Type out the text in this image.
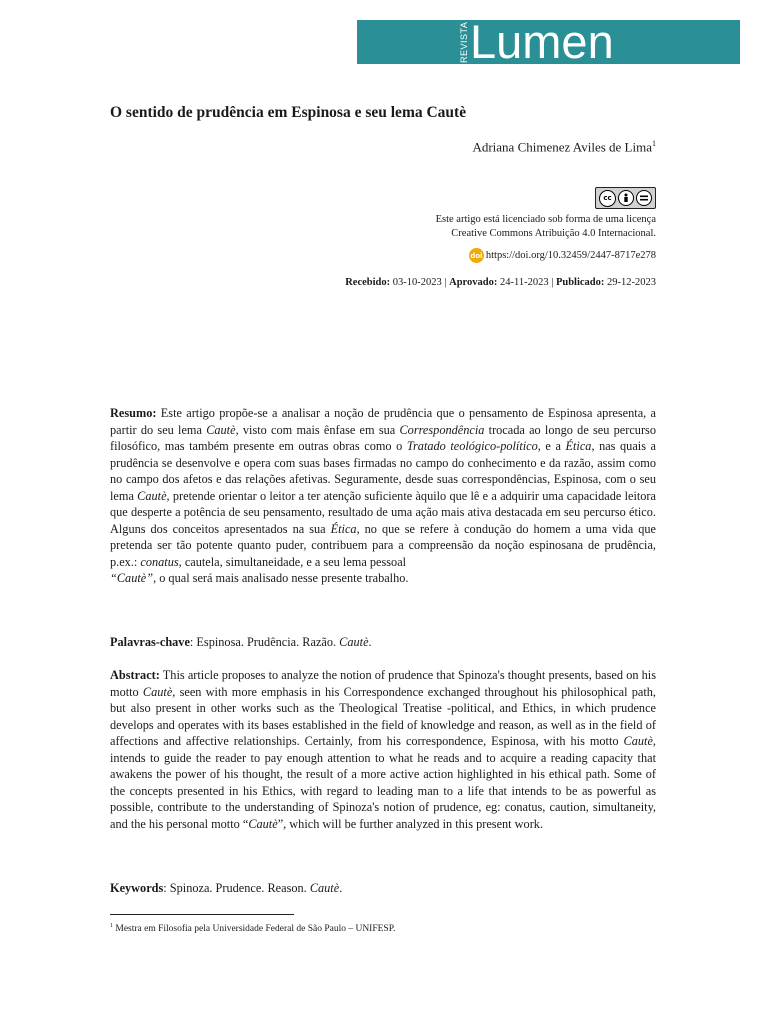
REVISTA Lumen
O sentido de prudência em Espinosa e seu lema Cautè
Adriana Chimenez Aviles de Lima$^1$
cc
Este artigo está licenciado sob forma de uma licença
Creative Commons Atribuição 4.0 Internacional.
doi https://doi.org/10.32459/2447-8717e278
Recebido: 03-10-2023 | Aprovado: 24-11-2023 | Publicado: 29-12-2023

Resumo: Este artigo propõe-se a analisar a noção de prudência que o pensamento de Espinosa apresenta, a partir do seu lema Cautè, visto com mais ênfase em sua Correspondência trocada ao longo de seu percurso filosófico, mas também presente em outras obras como o Tratado teológico-político, e a Ética, nas quais a prudência se desenvolve e opera com suas bases firmadas no campo do conhecimento e da razão, assim como no campo dos afetos e das relações afetivas. Seguramente, desde suas correspondências, Espinosa, com o seu lema Cautè, pretende orientar o leitor a ter atenção suficiente àquilo que lê e a adquirir uma capacidade leitora que desperte a potência de seu pensamento, resultado de uma ação mais ativa destacada em seu percurso ético. Alguns dos conceitos apresentados na sua Ética, no que se refere à condução do homem a uma vida que pretenda ser tão potente quanto puder, contribuem para a compreensão da noção espinosana de prudência, p.ex.: conatus, cautela, simultaneidade, e a seu lema pessoal
“Cautè”, o qual será mais analisado nesse presente trabalho.

Palavras-chave: Espinosa. Prudência. Razão. Cautè.

Abstract: This article proposes to analyze the notion of prudence that Spinoza's thought presents, based on his motto Cautè, seen with more emphasis in his Correspondence exchanged throughout his philosophical path, but also present in other works such as the Theological Treatise -political, and Ethics, in which prudence develops and operates with its bases established in the field of knowledge and reason, as well as in the field of affections and affective relationships. Certainly, from his correspondence, Espinosa, with his motto Cautè, intends to guide the reader to pay enough attention to what he reads and to acquire a reading capacity that awakens the power of his thought, the result of a more active action highlighted in his ethical path. Some of the concepts presented in his Ethics, with regard to leading man to a life that intends to be as powerful as possible, contribute to the understanding of Spinoza's notion of prudence, eg: conatus, caution, simultaneity, and the his personal motto “Cautè”, which will be further analyzed in this present work.

Keywords: Spinoza. Prudence. Reason. Cautè.

$^1$ Mestra em Filosofia pela Universidade Federal de São Paulo – UNIFESP.
